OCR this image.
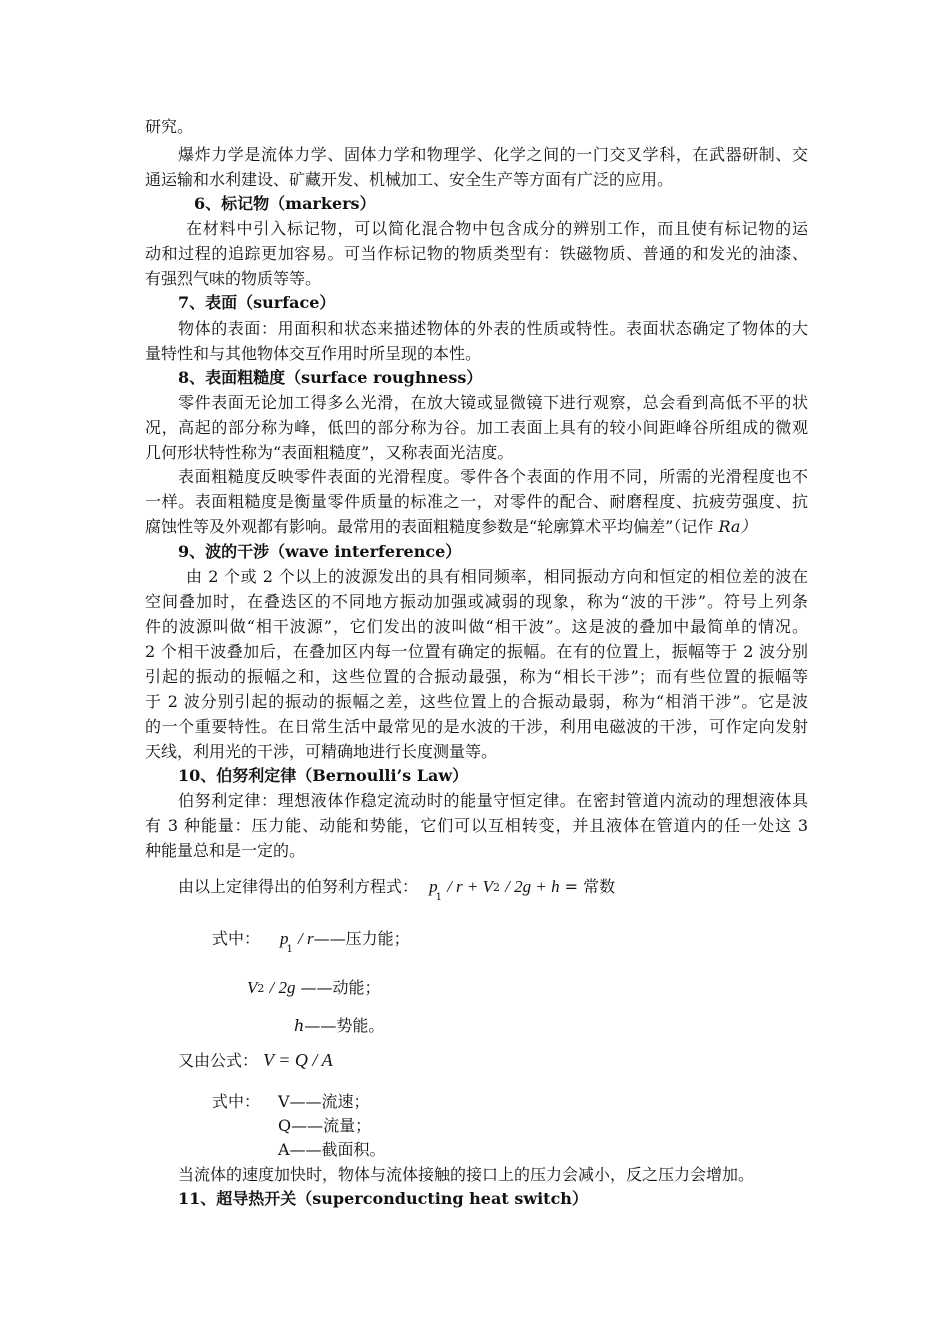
研究。
爆炸力学是流体力学、固体力学和物理学、化学之间的一门交叉学科，在武器研制、交
通运输和水利建设、矿藏开发、机械加工、安全生产等方面有广泛的应用。
6、标记物（markers）
在材料中引入标记物，可以简化混合物中包含成分的辨别工作，而且使有标记物的运
动和过程的追踪更加容易。可当作标记物的物质类型有：铁磁物质、普通的和发光的油漆、
有强烈气味的物质等等。
7、表面（surface）
物体的表面：用面积和状态来描述物体的外表的性质或特性。表面状态确定了物体的大
量特性和与其他物体交互作用时所呈现的本性。
8、表面粗糙度（surface roughness）
零件表面无论加工得多么光滑，在放大镜或显微镜下进行观察，总会看到高低不平的状
况，高起的部分称为峰，低凹的部分称为谷。加工表面上具有的较小间距峰谷所组成的微观
几何形状特性称为“表面粗糙度”，又称表面光洁度。
表面粗糙度反映零件表面的光滑程度。零件各个表面的作用不同，所需的光滑程度也不
一样。表面粗糙度是衡量零件质量的标准之一，对零件的配合、耐磨程度、抗疲劳强度、抗
腐蚀性等及外观都有影响。最常用的表面粗糙度参数是“轮廓算术平均偏差”（记作 Ra）
9、波的干涉（wave interference）
由 2 个或 2 个以上的波源发出的具有相同频率，相同振动方向和恒定的相位差的波在
空间叠加时，在叠迭区的不同地方振动加强或减弱的现象，称为“波的干涉”。符号上列条
件的波源叫做“相干波源”，它们发出的波叫做“相干波”。这是波的叠加中最简单的情况。
2 个相干波叠加后，在叠加区内每一位置有确定的振幅。在有的位置上，振幅等于 2 波分别
引起的振动的振幅之和，这些位置的合振动最强，称为“相长干涉”；而有些位置的振幅等
于 2 波分别引起的振动的振幅之差，这些位置上的合振动最弱，称为“相消干涉”。它是波
的一个重要特性。在日常生活中最常见的是水波的干涉，利用电磁波的干涉，可作定向发射
天线，利用光的干涉，可精确地进行长度测量等。
10、伯努利定律（Bernoulli’s Law）
伯努利定律：理想液体作稳定流动时的能量守恒定律。在密封管道内流动的理想液体具
有 3 种能量：压力能、动能和势能，它们可以互相转变，并且液体在管道内的任一处这 3
种能量总和是一定的。
由以上定律得出的伯努利方程式： $p_1 / r + V2 / 2g + h$ = 常数
式中： $p_1$ / r——压力能；
V2 / 2g ——动能；
h——势能。
又由公式： V = Q / A
式中： V——流速；
Q——流量；
A——截面积。
当流体的速度加快时，物体与流体接触的接口上的压力会减小，反之压力会增加。
11、超导热开关（superconducting heat switch）
